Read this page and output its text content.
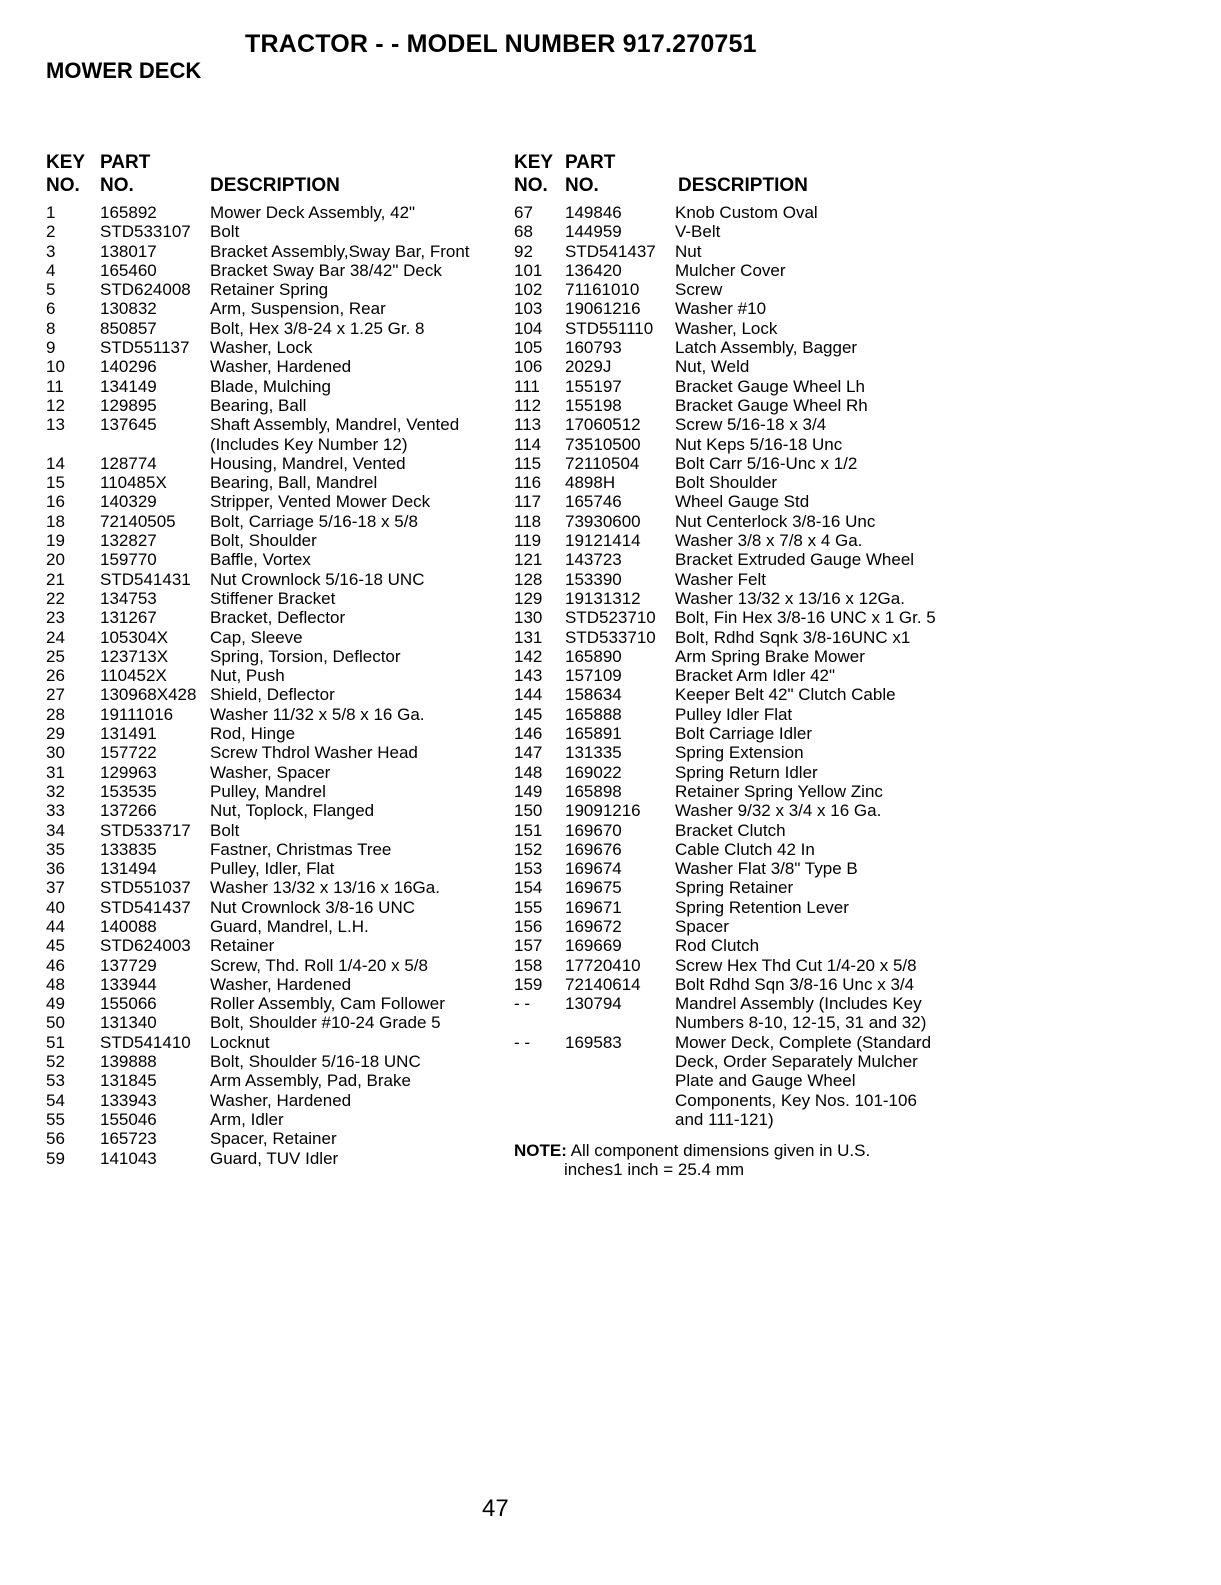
TRACTOR - - MODEL NUMBER 917.270751
MOWER DECK
KEY
NO.
PART
NO.	DESCRIPTION
1	165892	Mower Deck Assembly, 42"
2	STD533107 Bolt
3	138017	Bracket Assembly,Sway Bar, Front
4	165460	Bracket Sway Bar 38/42" Deck
5	STD624008 Retainer Spring
6	130832	Arm, Suspension, Rear
8	850857	Bolt, Hex 3/8-24 x 1.25 Gr. 8
9	STD551137 Washer, Lock
10 140296	Washer, Hardened
11 134149	Blade, Mulching
12 129895	Bearing, Ball
13 137645	Shaft Assembly, Mandrel, Vented
(Includes Key Number 12)
14 128774	Housing, Mandrel, Vented
15 110485X	Bearing, Ball, Mandrel
16 140329	Stripper, Vented Mower Deck
18 72140505 Bolt, Carriage 5/16-18 x 5/8
19 132827	Bolt, Shoulder
20 159770	Baffle, Vortex
21 STD541431 Nut Crownlock 5/16-18 UNC
22 134753	Stiffener Bracket
23 131267	Bracket, Deflector
24 105304X Cap, Sleeve
25 123713X Spring, Torsion, Deflector
26 110452X	Nut, Push
27 130968X428 Shield, Deflector
28 19111016 Washer 11/32 x 5/8 x 16 Ga.
29 131491	Rod, Hinge
30 157722	Screw Thdrol Washer Head
31 129963	Washer, Spacer
32 153535	Pulley, Mandrel
33 137266	Nut, Toplock, Flanged
34 STD533717 Bolt
35 133835	Fastner, Christmas Tree
36 131494	Pulley, Idler, Flat
37 STD551037 Washer 13/32 x 13/16 x 16Ga.
40 STD541437 Nut Crownlock 3/8-16 UNC
44 140088	Guard, Mandrel, L.H.
45 STD624003 Retainer
46 137729	Screw, Thd. Roll 1/4-20 x 5/8
48 133944	Washer, Hardened
49 155066	Roller Assembly, Cam Follower
50 131340	Bolt, Shoulder #10-24 Grade 5
51 STD541410 Locknut
52 139888	Bolt, Shoulder 5/16-18 UNC
53 131845	Arm Assembly, Pad, Brake
54 133943	Washer, Hardened
55 155046	Arm, Idler
56 165723	Spacer, Retainer
59 141043	Guard, TUV Idler
KEY
NO.
PART
NO.	DESCRIPTION
67 149846	Knob Custom Oval
68 144959	V-Belt
92 STD541437 Nut
101 136420	Mulcher Cover
102 71161010 Screw
103 19061216 Washer #10
104 STD551110 Washer, Lock
105 160793	Latch Assembly, Bagger
106 2029J	Nut, Weld
111 155197	Bracket Gauge Wheel Lh
112 155198	Bracket Gauge Wheel Rh
113 17060512 Screw 5/16-18 x 3/4
114 73510500 Nut Keps 5/16-18 Unc
115 72110504 Bolt Carr 5/16-Unc x 1/2
116 4898H	Bolt Shoulder
117 165746	Wheel Gauge Std
118 73930600 Nut Centerlock 3/8-16 Unc
119 19121414 Washer 3/8 x 7/8 x 4 Ga.
121 143723	Bracket Extruded Gauge Wheel
128 153390	Washer Felt
129 19131312 Washer 13/32 x 13/16 x 12Ga.
130 STD523710 Bolt, Fin Hex 3/8-16 UNC x 1 Gr. 5
131 STD533710 Bolt, Rdhd Sqnk 3/8-16UNC x1
142 165890	Arm Spring Brake Mower
143 157109	Bracket Arm Idler 42"
144 158634	Keeper Belt 42" Clutch Cable
145 165888	Pulley Idler Flat
146 165891	Bolt Carriage Idler
147 131335	Spring Extension
148 169022	Spring Return Idler
149 165898	Retainer Spring Yellow Zinc
150 19091216 Washer 9/32 x 3/4 x 16 Ga.
151 169670	Bracket Clutch
152 169676	Cable Clutch 42 In
153 169674	Washer Flat 3/8" Type B
154 169675	Spring Retainer
155 169671	Spring Retention Lever
156 169672	Spacer
157 169669	Rod Clutch
158 17720410 Screw Hex Thd Cut 1/4-20 x 5/8
159 72140614 Bolt Rdhd Sqn 3/8-16 Unc x 3/4
- - 130794	Mandrel Assembly (Includes Key
Numbers 8-10, 12-15, 31 and 32)
- - 169583	Mower Deck, Complete (Standard
Deck, Order Separately Mulcher
Plate and Gauge Wheel
Components, Key Nos. 101-106
and 111-121)
NOTE: All component dimensions given in U.S.
inches1 inch = 25.4 mm
47
